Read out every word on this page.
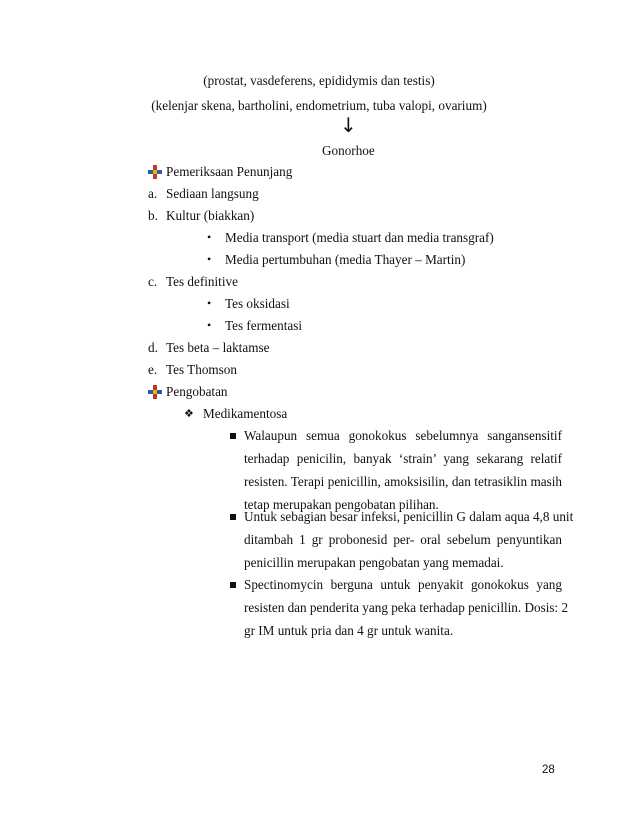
(prostat, vasdeferens, epididymis dan testis)
(kelenjar skena, bartholini, endometrium, tuba valopi, ovarium)
↓
Gonorhoe
Pemeriksaan Penunjang
a. Sediaan langsung
b. Kultur (biakkan)
• Media transport (media stuart dan media transgraf)
• Media pertumbuhan (media Thayer – Martin)
c. Tes definitive
• Tes oksidasi
• Tes fermentasi
d. Tes beta – laktamse
e. Tes Thomson
Pengobatan
❖ Medikamentosa
Walaupun semua gonokokus sebelumnya sangansensitif
terhadap penicilin, banyak ‘strain’ yang sekarang relatif
resisten. Terapi penicillin, amoksisilin, dan tetrasiklin masih
tetap merupakan pengobatan pilihan.
Untuk sebagian besar infeksi, penicillin G dalam aqua 4,8 unit
ditambah 1 gr probonesid per- oral sebelum penyuntikan
penicillin merupakan pengobatan yang memadai.
Spectinomycin berguna untuk penyakit gonokokus yang
resisten dan penderita yang peka terhadap penicillin. Dosis: 2
gr IM untuk pria dan 4 gr untuk wanita.
28
